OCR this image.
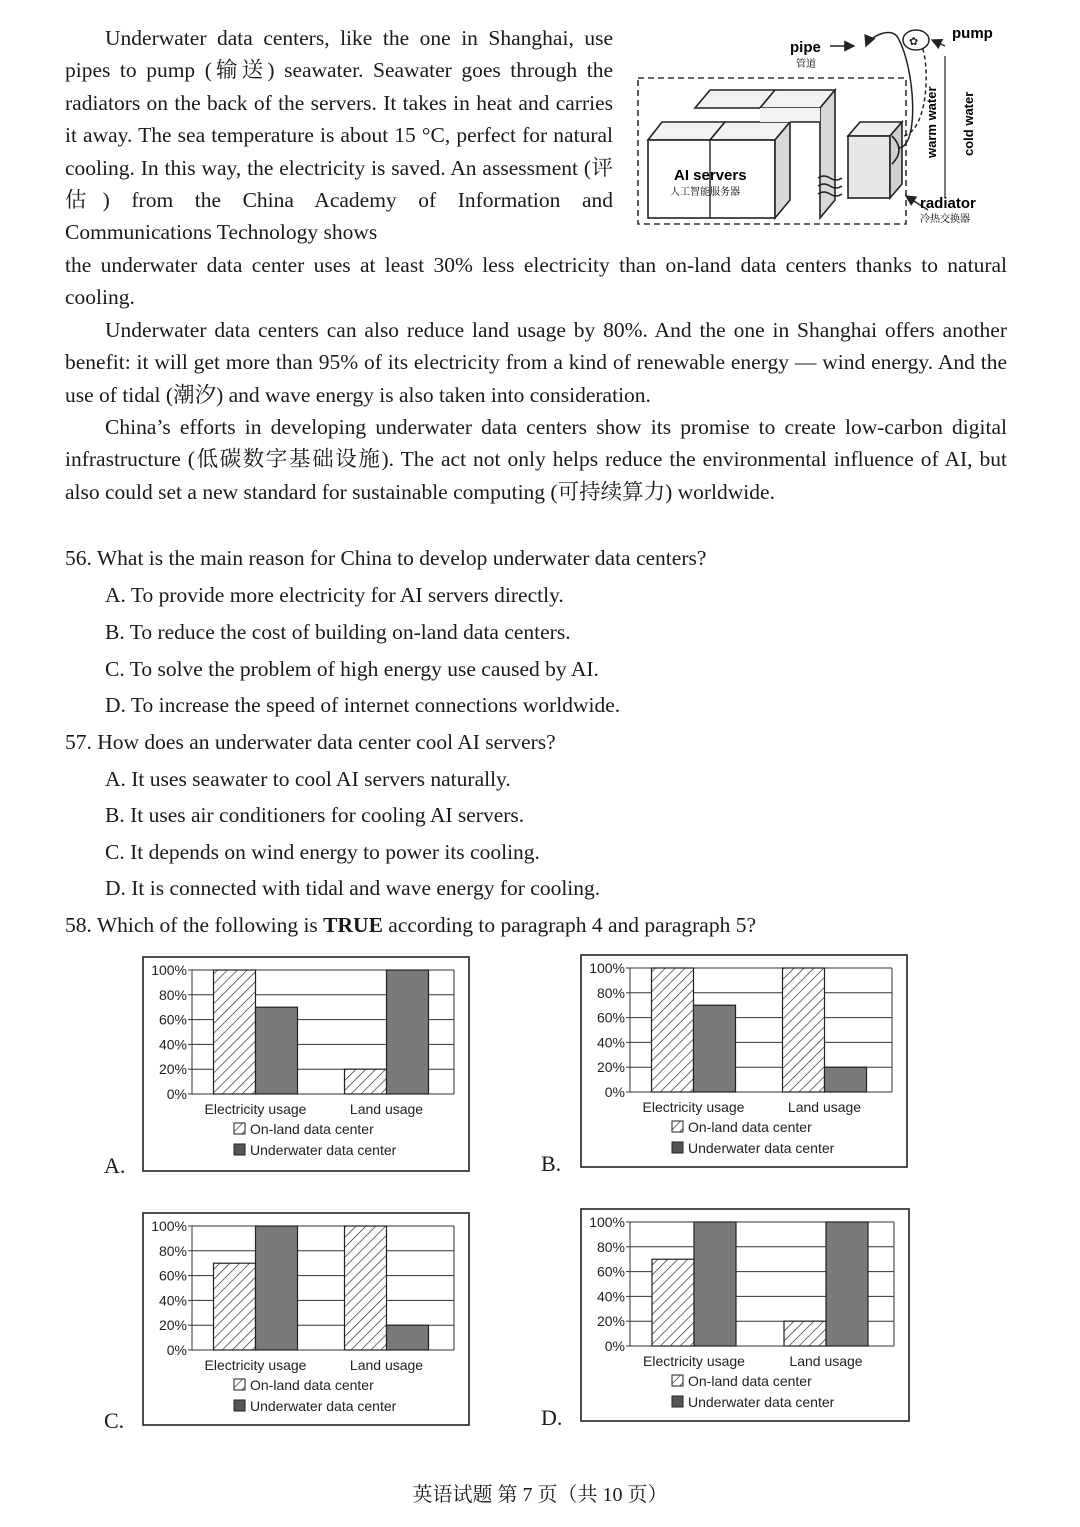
Underwater data centers, like the one in Shanghai, use pipes to pump (输送) seawater. Seawater goes through the radiators on the back of the servers. It takes in heat and carries it away. The sea temperature is about 15 °C, perfect for natural cooling. In this way, the electricity is saved. An assessment (评估) from the China Academy of Information and Communications Technology shows

the underwater data center uses at least 30% less electricity than on-land data centers thanks to natural cooling.

Underwater data centers can also reduce land usage by 80%. And the one in Shanghai offers another benefit: it will get more than 95% of its electricity from a kind of renewable energy — wind energy. And the use of tidal (潮汐) and wave energy is also taken into consideration.

China’s efforts in developing underwater data centers show its promise to create low-carbon digital infrastructure (低碳数字基础设施). The act not only helps reduce the environmental influence of AI, but also could set a new standard for sustainable computing (可持续算力) worldwide.

✿
pipe
管道
pump
warm water cold water
AI servers
人工智能服务器
radiator
冷热交换器

56. What is the main reason for China to develop underwater data centers?

A. To provide more electricity for AI servers directly.

B. To reduce the cost of building on-land data centers.

C. To solve the problem of high energy use caused by AI.

D. To increase the speed of internet connections worldwide.

57. How does an underwater data center cool AI servers?

A. It uses seawater to cool AI servers naturally.

B. It uses air conditioners for cooling AI servers.

C. It depends on wind energy to power its cooling.

D. It is connected with tidal and wave energy for cooling.

58. Which of the following is TRUE according to paragraph 4 and paragraph 5?

A.
100%
80%
60%
40%
20%
0%
Electricity usage	Land usage
On-land data center
Underwater data center
B.
100%
80%
60%
40%
20%
0%
Electricity usage	Land usage
On-land data center
Underwater data center
C.
100%
80%
60%
40%
20%
0%
Electricity usage	Land usage
On-land data center
Underwater data center	D.
100%
80%
60%
40%
20%
0%
Electricity usage	Land usage
On-land data center
Underwater data center
英语试题 第 7 页（共 10 页）
